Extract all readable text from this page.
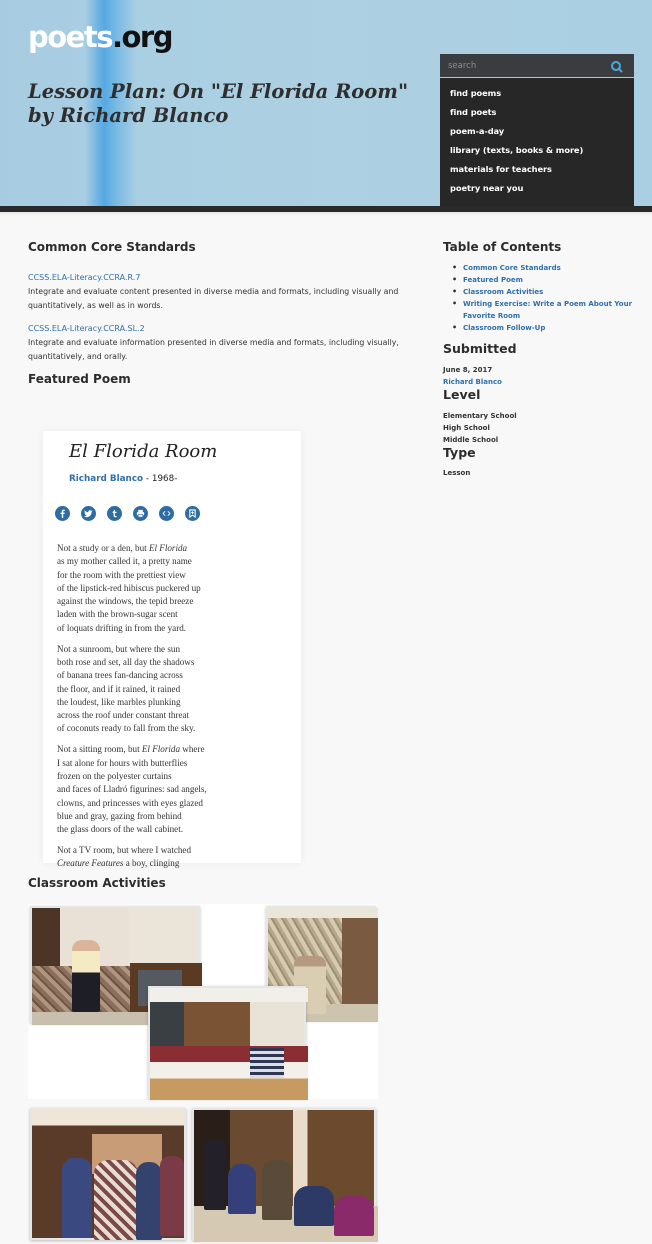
poets.org
Lesson Plan: On "El Florida Room" by Richard Blanco
search
find poems
find poets
poem-a-day
library (texts, books & more)
materials for teachers
poetry near you
Common Core Standards
CCSS.ELA-Literacy.CCRA.R.7
Integrate and evaluate content presented in diverse media and formats, including visually and quantitatively, as well as in words.
CCSS.ELA-Literacy.CCRA.SL.2
Integrate and evaluate information presented in diverse media and formats, including visually, quantitatively, and orally.
Featured Poem
El Florida Room
Richard Blanco - 1968-
Not a study or a den, but El Florida
as my mother called it, a pretty name
for the room with the prettiest view
of the lipstick-red hibiscus puckered up
against the windows, the tepid breeze
laden with the brown-sugar scent
of loquats drifting in from the yard.
Not a sunroom, but where the sun
both rose and set, all day the shadows
of banana trees fan-dancing across
the floor, and if it rained, it rained
the loudest, like marbles plunking
across the roof under constant threat
of coconuts ready to fall from the sky.
Not a sitting room, but El Florida where
I sat alone for hours with butterflies
frozen on the polyester curtains
and faces of Lladró figurines: sad angels,
clowns, and princesses with eyes glazed
blue and gray, gazing from behind
the glass doors of the wall cabinet.
Not a TV room, but where I watched
Creature Features a boy, clinging
Classroom Activities
Table of Contents
• Common Core Standards
• Featured Poem
• Classroom Activities
• Writing Exercise: Write a Poem About Your Favorite Room
• Classroom Follow-Up
Submitted
June 8, 2017
Richard Blanco
Level
Elementary School
High School
Middle School
Type
Lesson
